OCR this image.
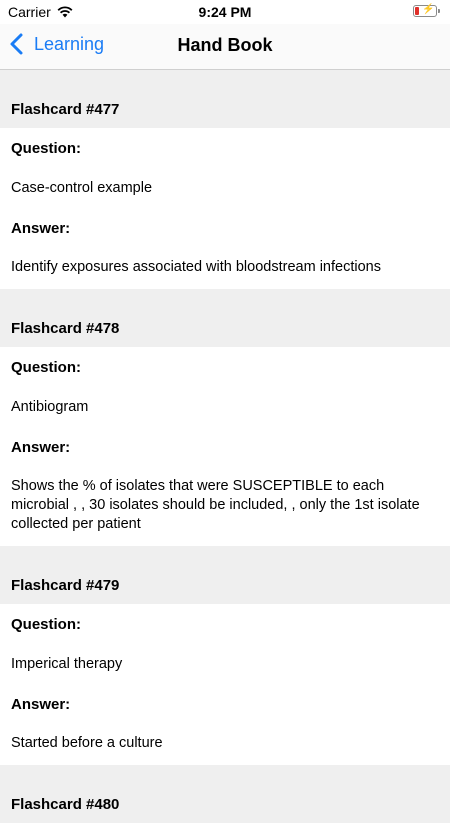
Carrier	9:24 PM	⚡
Learning	Hand Book
Flashcard #477
Question:
Case-control example
Answer:
Identify exposures associated with bloodstream infections
Flashcard #478
Question:
Antibiogram
Answer:
Shows the % of isolates that were SUSCEPTIBLE to each microbial , , 30 isolates should be included, , only the 1st isolate collected per patient
Flashcard #479
Question:
Imperical therapy
Answer:
Started before a culture
Flashcard #480
